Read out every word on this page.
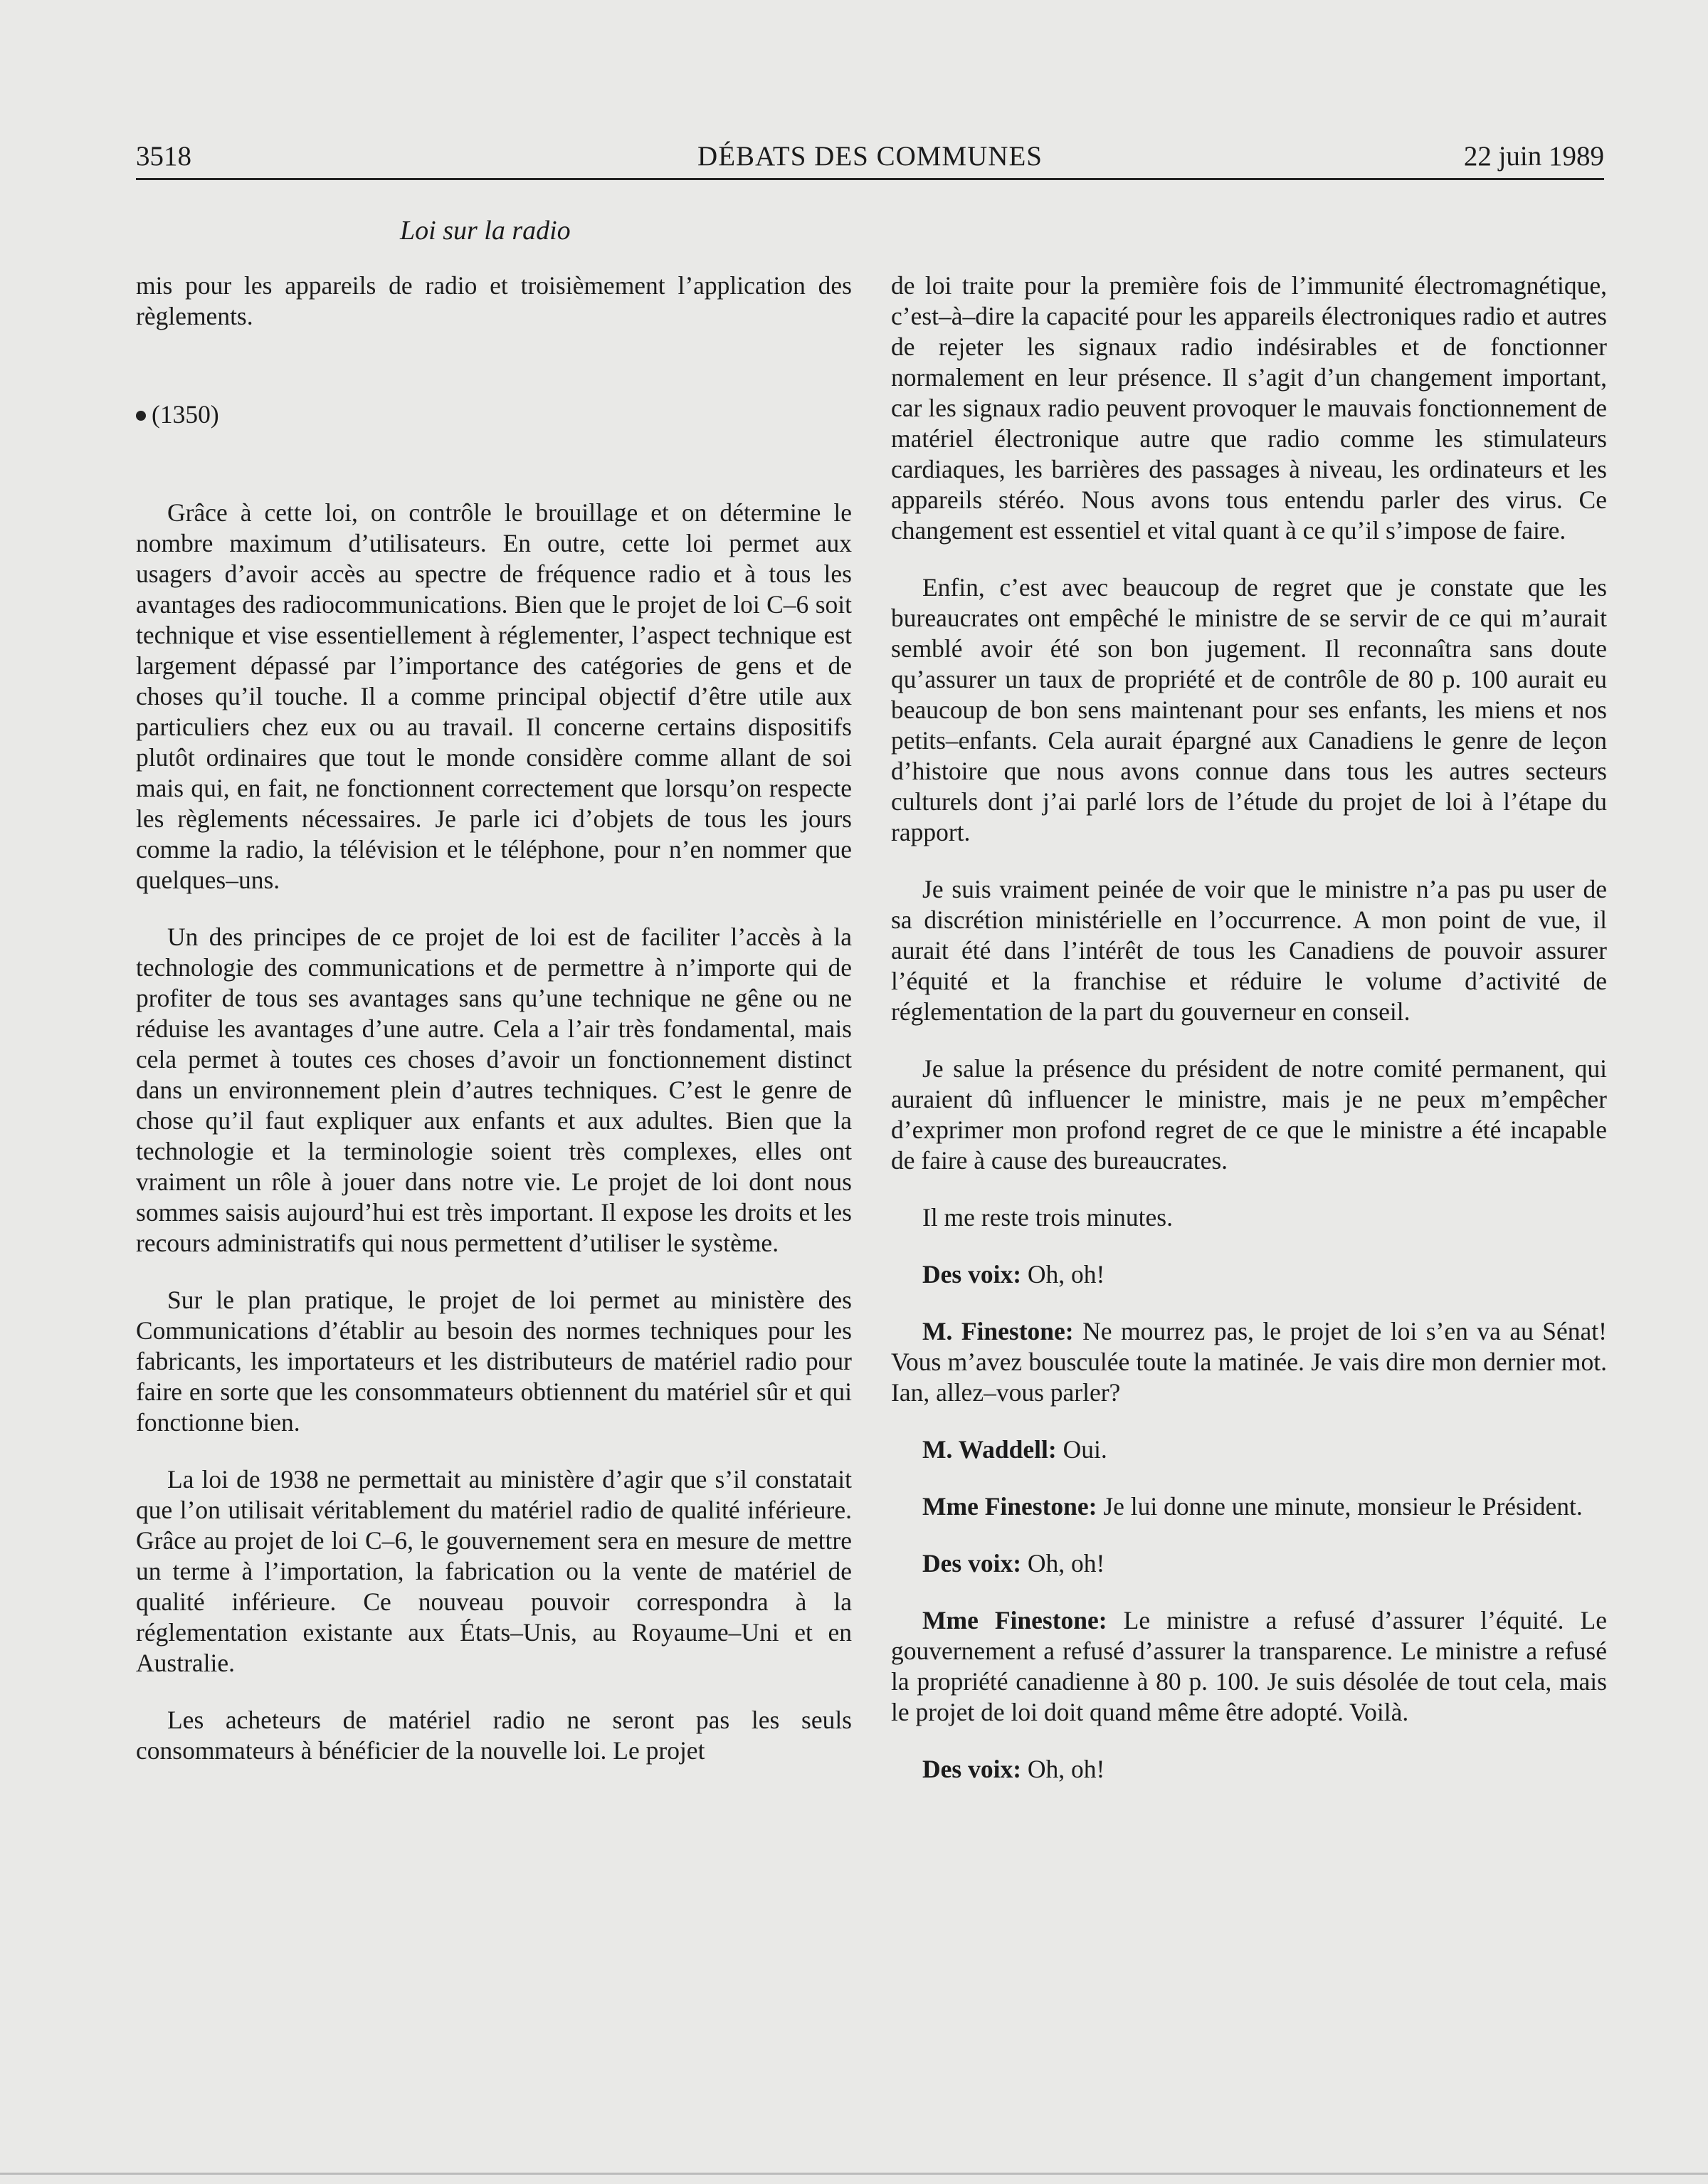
3518	DÉBATS DES COMMUNES	22 juin 1989
Loi sur la radio

mis pour les appareils de radio et troisièmement l’application des règlements.

(1350)

Grâce à cette loi, on contrôle le brouillage et on détermine le nombre maximum d’utilisateurs. En outre, cette loi permet aux usagers d’avoir accès au spectre de fréquence radio et à tous les avantages des radiocommunications. Bien que le projet de loi C–6 soit technique et vise essentiellement à réglementer, l’aspect technique est largement dépassé par l’importance des catégories de gens et de choses qu’il touche. Il a comme principal objectif d’être utile aux particuliers chez eux ou au travail. Il concerne certains dispositifs plutôt ordinaires que tout le monde considère comme allant de soi mais qui, en fait, ne fonctionnent correctement que lorsqu’on respecte les règlements nécessaires. Je parle ici d’objets de tous les jours comme la radio, la télévision et le téléphone, pour n’en nommer que quelques–uns.

Un des principes de ce projet de loi est de faciliter l’accès à la technologie des communications et de permettre à n’importe qui de profiter de tous ses avantages sans qu’une technique ne gêne ou ne réduise les avantages d’une autre. Cela a l’air très fondamental, mais cela permet à toutes ces choses d’avoir un fonctionnement distinct dans un environnement plein d’autres techniques. C’est le genre de chose qu’il faut expliquer aux enfants et aux adultes. Bien que la technologie et la terminologie soient très complexes, elles ont vraiment un rôle à jouer dans notre vie. Le projet de loi dont nous sommes saisis aujourd’hui est très important. Il expose les droits et les recours administratifs qui nous permettent d’utiliser le système.

Sur le plan pratique, le projet de loi permet au ministère des Communications d’établir au besoin des normes techniques pour les fabricants, les importateurs et les distributeurs de matériel radio pour faire en sorte que les consommateurs obtiennent du matériel sûr et qui fonctionne bien.

La loi de 1938 ne permettait au ministère d’agir que s’il constatait que l’on utilisait véritablement du matériel radio de qualité inférieure. Grâce au projet de loi C–6, le gouvernement sera en mesure de mettre un terme à l’importation, la fabrication ou la vente de matériel de qualité inférieure. Ce nouveau pouvoir correspondra à la réglementation existante aux États–Unis, au Royaume–Uni et en Australie.

Les acheteurs de matériel radio ne seront pas les seuls consommateurs à bénéficier de la nouvelle loi. Le projet

de loi traite pour la première fois de l’immunité électromagnétique, c’est–à–dire la capacité pour les appareils électroniques radio et autres de rejeter les signaux radio indésirables et de fonctionner normalement en leur présence. Il s’agit d’un changement important, car les signaux radio peuvent provoquer le mauvais fonctionnement de matériel électronique autre que radio comme les stimulateurs cardiaques, les barrières des passages à niveau, les ordinateurs et les appareils stéréo. Nous avons tous entendu parler des virus. Ce changement est essentiel et vital quant à ce qu’il s’impose de faire.

Enfin, c’est avec beaucoup de regret que je constate que les bureaucrates ont empêché le ministre de se servir de ce qui m’aurait semblé avoir été son bon jugement. Il reconnaîtra sans doute qu’assurer un taux de propriété et de contrôle de 80 p. 100 aurait eu beaucoup de bon sens maintenant pour ses enfants, les miens et nos petits–enfants. Cela aurait épargné aux Canadiens le genre de leçon d’histoire que nous avons connue dans tous les autres secteurs culturels dont j’ai parlé lors de l’étude du projet de loi à l’étape du rapport.

Je suis vraiment peinée de voir que le ministre n’a pas pu user de sa discrétion ministérielle en l’occurrence. A mon point de vue, il aurait été dans l’intérêt de tous les Canadiens de pouvoir assurer l’équité et la franchise et réduire le volume d’activité de réglementation de la part du gouverneur en conseil.

Je salue la présence du président de notre comité permanent, qui auraient dû influencer le ministre, mais je ne peux m’empêcher d’exprimer mon profond regret de ce que le ministre a été incapable de faire à cause des bureaucrates.

Il me reste trois minutes.

Des voix: Oh, oh!

M. Finestone: Ne mourrez pas, le projet de loi s’en va au Sénat! Vous m’avez bousculée toute la matinée. Je vais dire mon dernier mot. Ian, allez–vous parler?

M. Waddell: Oui.

Mme Finestone: Je lui donne une minute, monsieur le Président.

Des voix: Oh, oh!

Mme Finestone: Le ministre a refusé d’assurer l’équité. Le gouvernement a refusé d’assurer la transparence. Le ministre a refusé la propriété canadienne à 80 p. 100. Je suis désolée de tout cela, mais le projet de loi doit quand même être adopté. Voilà.

Des voix: Oh, oh!
